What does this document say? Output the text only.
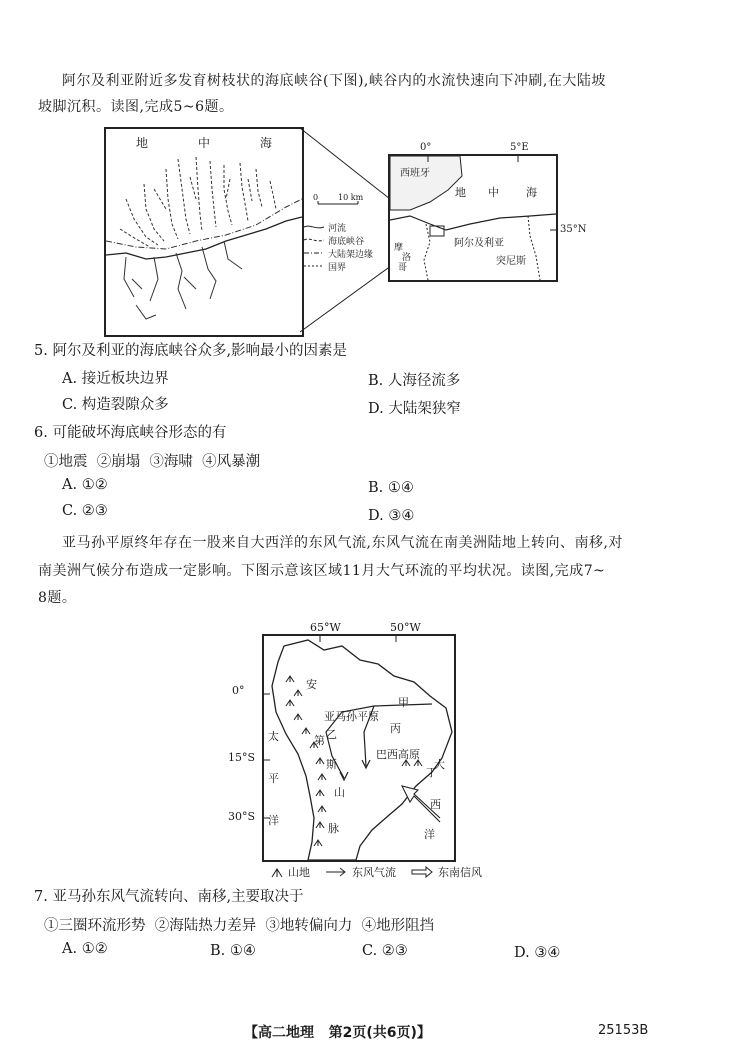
阿尔及利亚附近多发育树枝状的海底峡谷(下图),峡谷内的水流快速向下冲刷,在大陆坡
坡脚沉积。读图,完成5~6题。
地	中	海
0 10 km
河流
海底峡谷
大陆架边缘
国界
西班牙
地 中 海
阿尔及利亚
摩
洛
哥
突尼斯
0°	5°E
35°N
5. 阿尔及利亚的海底峡谷众多,影响最小的因素是
A. 接近板块边界	B. 人海径流多
C. 构造裂隙众多	D. 大陆架狭窄
6. 可能破坏海底峡谷形态的有
①地震  ②崩塌  ③海啸  ④风暴潮
A. ①②	B. ①④
C. ②③	D. ③④
亚马孙平原终年存在一股来自大西洋的东风气流,东风气流在南美洲陆地上转向、南移,对
南美洲气候分布造成一定影响。下图示意该区域11月大气环流的平均状况。读图,完成7~
8题。
65°W	50°W
0°
15°S
30°S
安
第
斯
山
脉
亚马孙平原
甲
乙	丙
巴西高原
丁
太
平
洋
大
西
洋
山地	东风气流	东南信风
7. 亚马孙东风气流转向、南移,主要取决于
①三圈环流形势  ②海陆热力差异  ③地转偏向力  ④地形阻挡
A. ①②	B. ①④	C. ②③	D. ③④
【高二地理   第2页(共6页)】	25153B
